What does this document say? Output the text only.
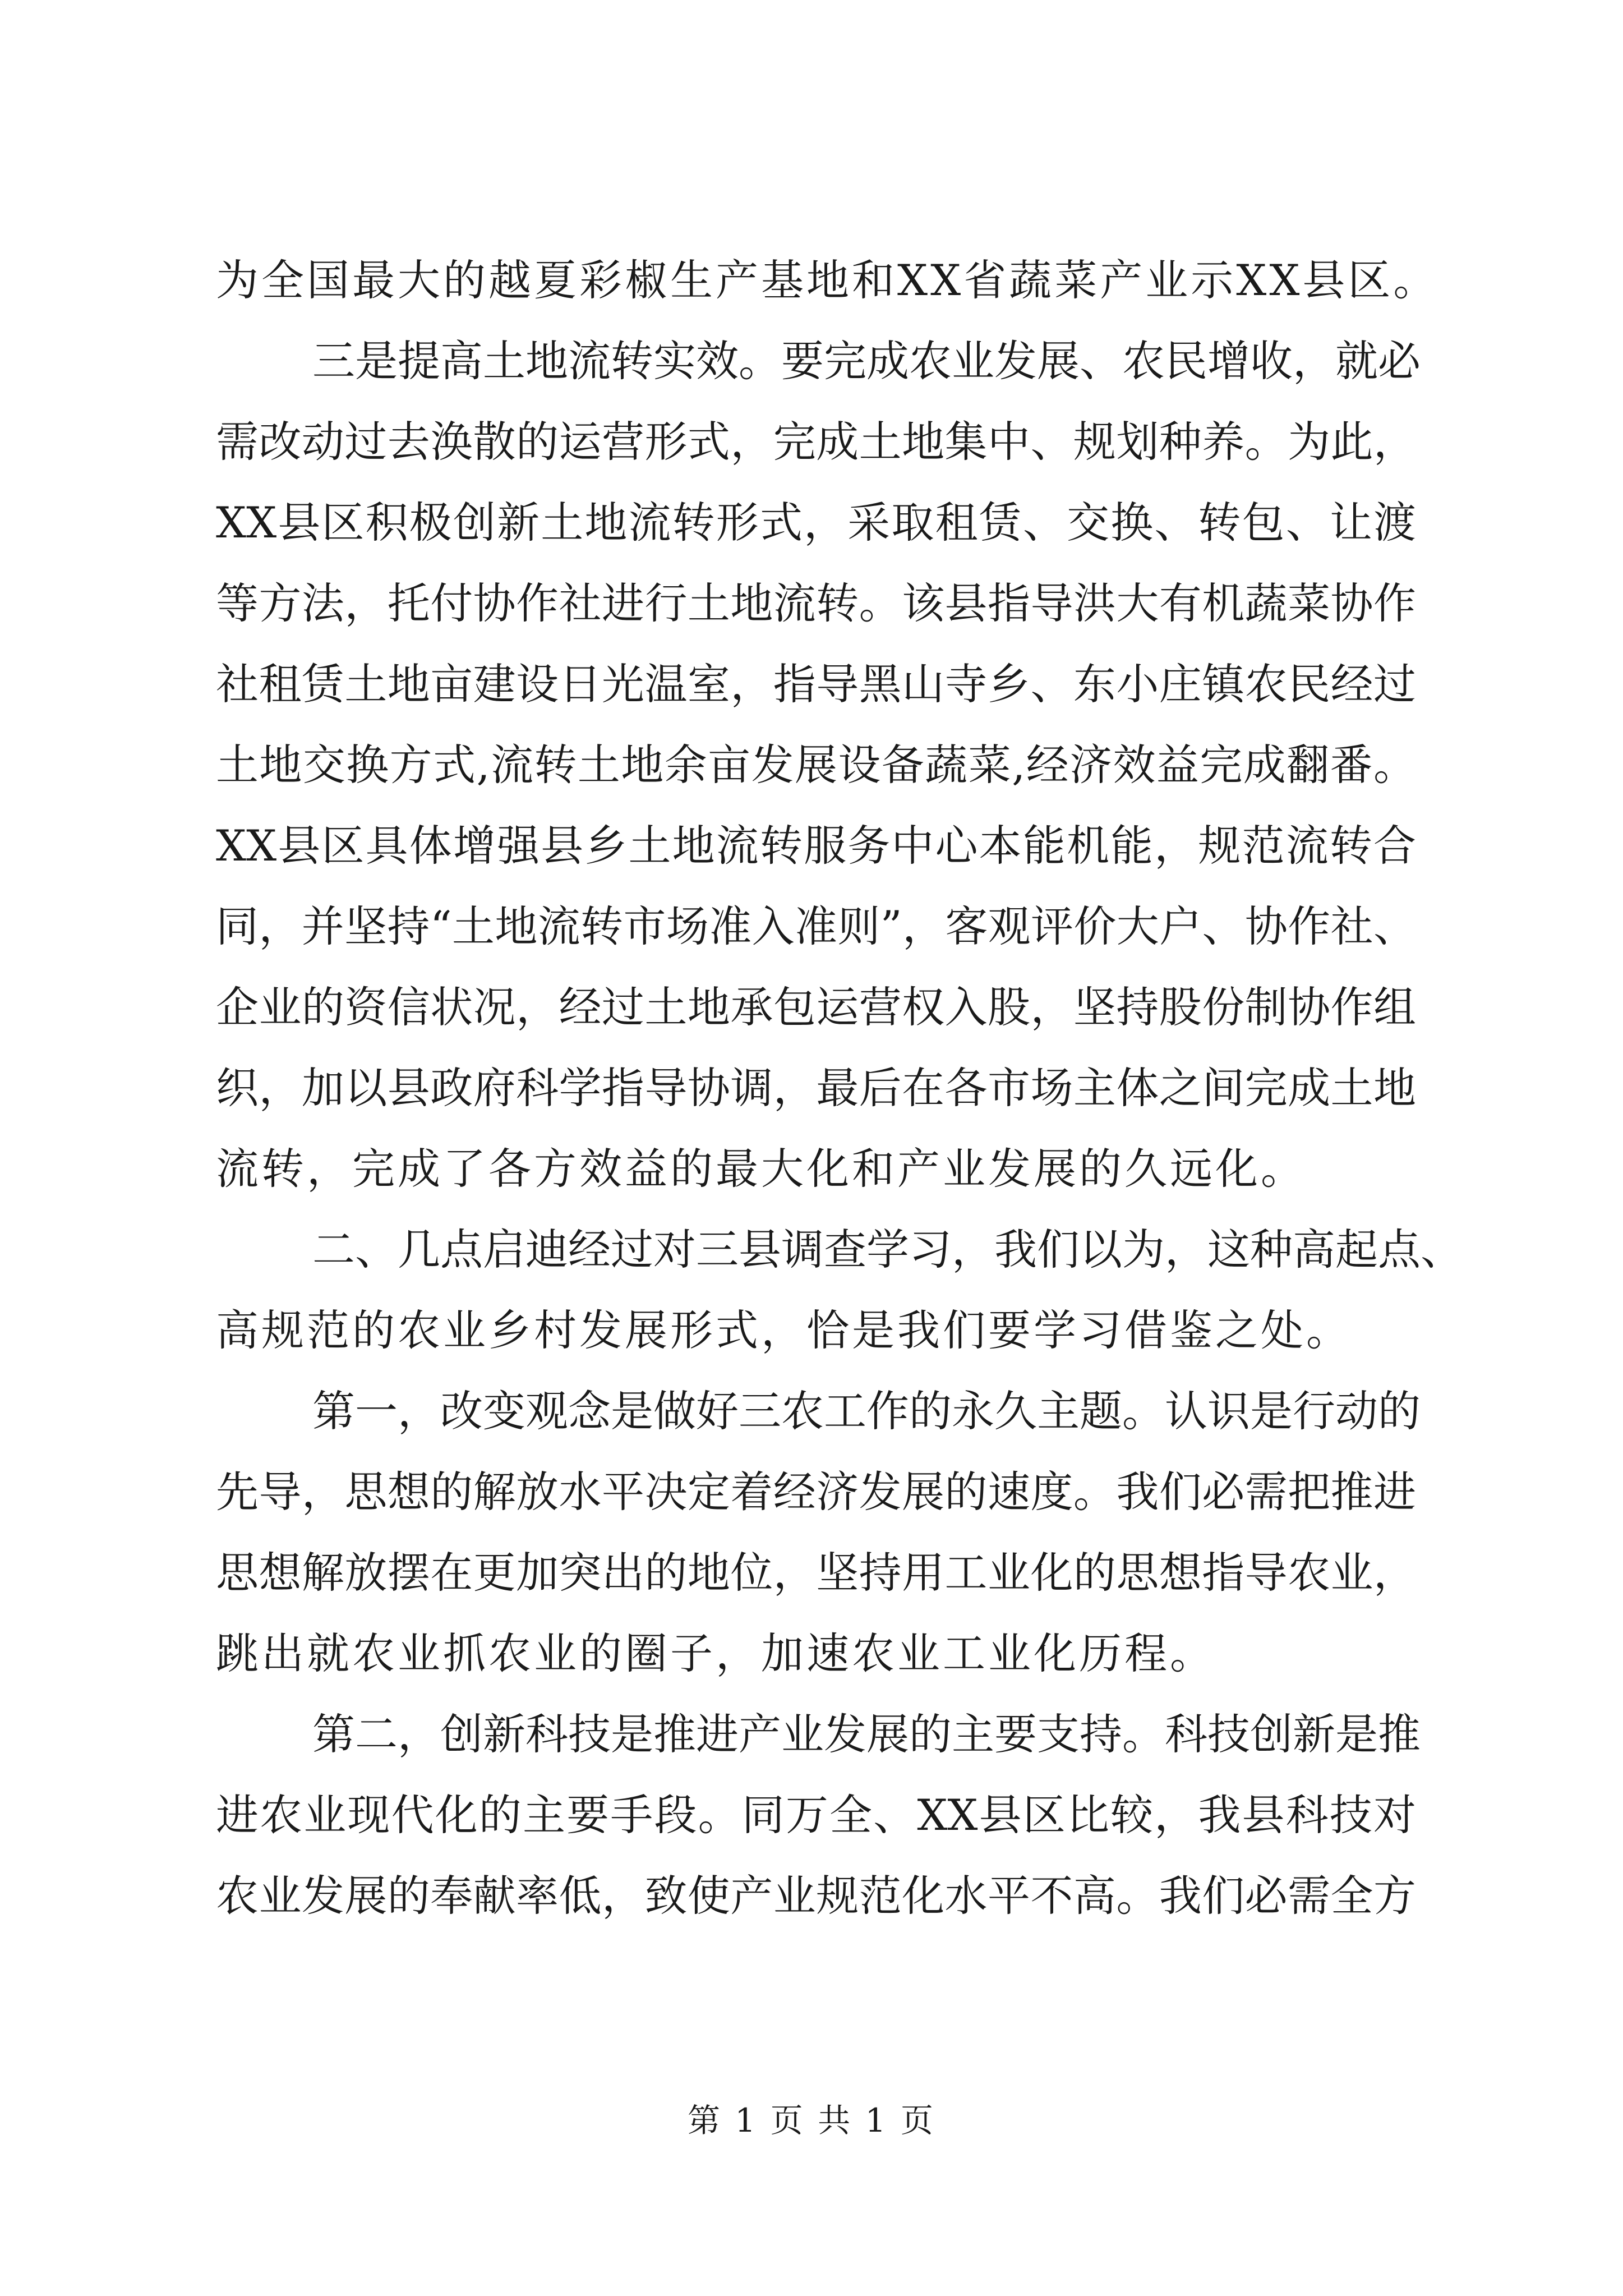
为全国最大的越夏彩椒生产基地和XX省蔬菜产业示XX县区。
三是提高土地流转实效。要完成农业发展、农民增收，就必
需改动过去涣散的运营形式，完成土地集中、规划种养。为此，
XX县区积极创新土地流转形式，采取租赁、交换、转包、让渡
等方法，托付协作社进行土地流转。该县指导洪大有机蔬菜协作
社租赁土地亩建设日光温室，指导黑山寺乡、东小庄镇农民经过
土地交换方式,流转土地余亩发展设备蔬菜,经济效益完成翻番。
XX县区具体增强县乡土地流转服务中心本能机能，规范流转合
同，并坚持“土地流转市场准入准则”，客观评价大户、协作社、
企业的资信状况，经过土地承包运营权入股，坚持股份制协作组
织，加以县政府科学指导协调，最后在各市场主体之间完成土地
流转，完成了各方效益的最大化和产业发展的久远化。
二、几点启迪经过对三县调查学习，我们以为，这种高起点、
高规范的农业乡村发展形式，恰是我们要学习借鉴之处。
第一，改变观念是做好三农工作的永久主题。认识是行动的
先导，思想的解放水平决定着经济发展的速度。我们必需把推进
思想解放摆在更加突出的地位，坚持用工业化的思想指导农业，
跳出就农业抓农业的圈子，加速农业工业化历程。
第二，创新科技是推进产业发展的主要支持。科技创新是推
进农业现代化的主要手段。同万全、XX县区比较，我县科技对
农业发展的奉献率低，致使产业规范化水平不高。我们必需全方
第 1 页 共 1 页
